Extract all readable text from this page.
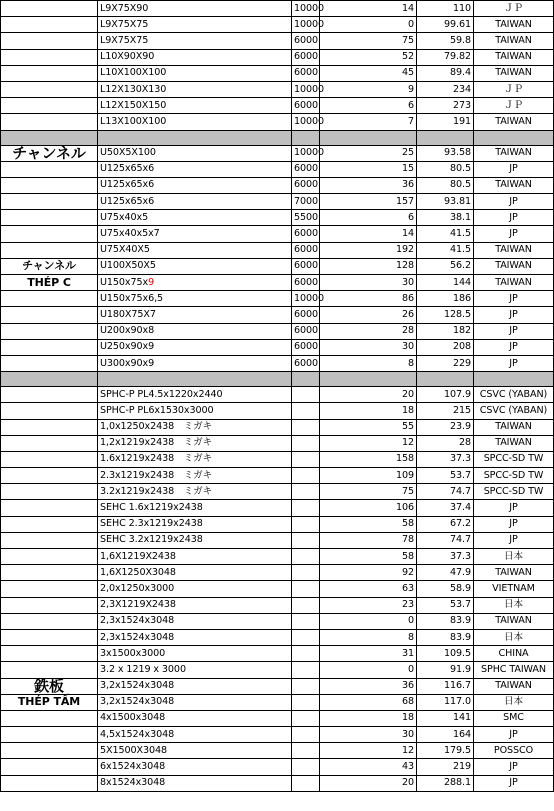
	L9X75X90	10000	14	110	ＪＰ
	L9X75X75	10000	0	99.61	TAIWAN
	L9X75X75	6000	75	59.8	TAIWAN
	L10X90X90	6000	52	79.82	TAIWAN
	L10X100X100	6000	45	89.4	TAIWAN
	L12X130X130	10000	9	234	ＪＰ
	L12X150X150	6000	6	273	ＪＰ
	L13X100X100	10000	7	191	TAIWAN

チャンネル	U50X5X100	10000	25	93.58	TAIWAN
	U125x65x6	6000	15	80.5	JP
	U125x65x6	6000	36	80.5	TAIWAN
	U125x65x6	7000	157	93.81	JP
	U75x40x5	5500	6	38.1	JP
	U75x40x5x7	6000	14	41.5	JP
	U75X40X5	6000	192	41.5	TAIWAN

チャンネル	U100X50X5	6000	128	56.2	TAIWAN

THÉP C	U150x75x9	6000	30	144	TAIWAN
	U150x75x6,5	10000	86	186	JP
	U180X75X7	6000	26	128.5	JP
	U200x90x8	6000	28	182	JP
	U250x90x9	6000	30	208	JP
	U300x90x9	6000	8	229	JP

	SPHC-P PL4.5x1220x2440		20	107.9	CSVC (YABAN)
	SPHC-P PL6x1530x3000		18	215	CSVC (YABAN)
	1,0x1250x2438　ミガキ		55	23.9	TAIWAN
	1,2x1219x2438　ミガキ		12	28	TAIWAN
	1.6x1219x2438　ミガキ		158	37.3	SPCC-SD TW
	2.3x1219x2438　ミガキ		109	53.7	SPCC-SD TW
	3.2x1219x2438　ミガキ		75	74.7	SPCC-SD TW
	SEHC 1.6x1219x2438		106	37.4	JP
	SEHC 2.3x1219x2438		58	67.2	JP
	SEHC 3.2x1219x2438		78	74.7	JP
	1,6X1219X2438		58	37.3	日本
	1,6X1250X3048		92	47.9	TAIWAN
	2,0x1250x3000		63	58.9	VIETNAM
	2,3X1219X2438		23	53.7	日本
	2,3x1524x3048		0	83.9	TAIWAN
	2,3x1524x3048		8	83.9	日本
	3x1500x3000		31	109.5	CHINA
	3.2 x 1219 x 3000		0	91.9	SPHC TAIWAN

鉄板	3,2x1524x3048		36	116.7	TAIWAN

THÉP TẤM	3,2x1524x3048		68	117.0	日本
	4x1500x3048		18	141	SMC
	4,5x1524x3048		30	164	JP
	5X1500X3048		12	179.5	POSSCO
	6x1524x3048		43	219	JP
	8x1524x3048		20	288.1	JP
